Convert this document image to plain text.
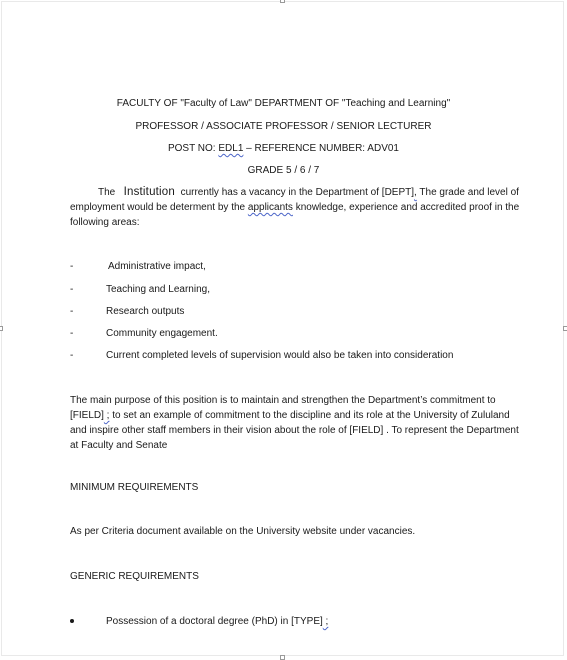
FACULTY OF "Faculty of Law" DEPARTMENT OF "Teaching and Learning"
PROFESSOR / ASSOCIATE PROFESSOR / SENIOR LECTURER
POST NO: EDL1 – REFERENCE NUMBER: ADV01
GRADE 5 / 6 / 7
The Institution currently has a vacancy in the Department of [DEPT], The grade and level of employment would be determent by the applicants knowledge, experience and accredited proof in the following areas:
-	Administrative impact,
-	Teaching and Learning,
-	Research outputs
-	Community engagement.
-	Current completed levels of supervision would also be taken into consideration
The main purpose of this position is to maintain and strengthen the Department’s commitment to [FIELD] ; to set an example of commitment to the discipline and its role at the University of Zululand and inspire other staff members in their vision about the role of [FIELD] . To represent the Department at Faculty and Senate
MINIMUM REQUIREMENTS
As per Criteria document available on the University website under vacancies.
GENERIC REQUIREMENTS
Possession of a doctoral degree (PhD) in [TYPE] ;
